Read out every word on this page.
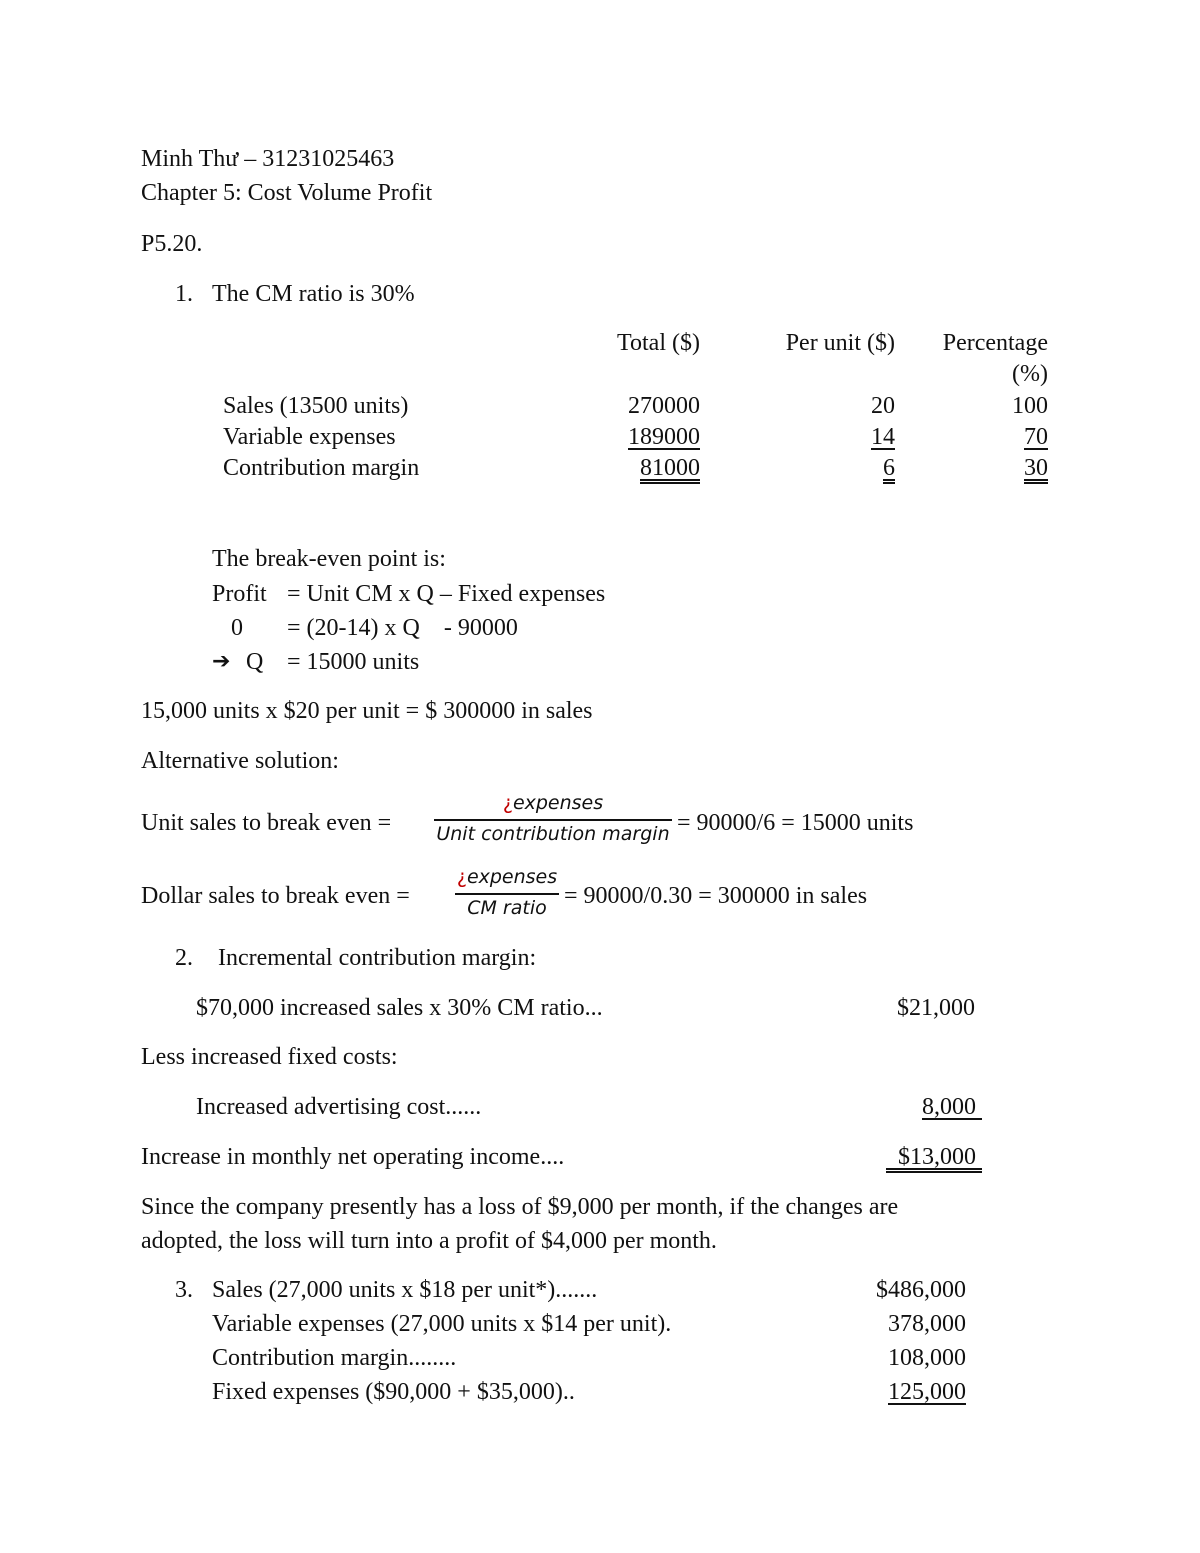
Minh Thư – 31231025463
Chapter 5: Cost Volume Profit
P5.20.
1. The CM ratio is 30%
Total ($)	Per unit ($)	Percentage
(%)
Sales (13500 units)	270000	20	100
Variable expenses	189000	14	70
Contribution margin	81000	6	30
The break-even point is:
Profit = Unit CM x Q – Fixed expenses
0 = (20-14) x Q    - 90000
➔ Q = 15000 units
15,000 units x $20 per unit = $ 300000 in sales
Alternative solution:
Unit sales to break even =
¿expenses
Unit contribution margin = 90000/6 = 15000 units
Dollar sales to break even =
¿expenses
CM ratio = 90000/0.30 = 300000 in sales
2. Incremental contribution margin:
$70,000 increased sales x 30% CM ratio...	$21,000
Less increased fixed costs:
Increased advertising cost......	8,000
Increase in monthly net operating income....	$13,000
Since the company presently has a loss of $9,000 per month, if the changes are
adopted, the loss will turn into a profit of $4,000 per month.
3. Sales (27,000 units x $18 per unit*).......	$486,000
Variable expenses (27,000 units x $14 per unit).	378,000
Contribution margin........	108,000
Fixed expenses ($90,000 + $35,000)..	125,000
